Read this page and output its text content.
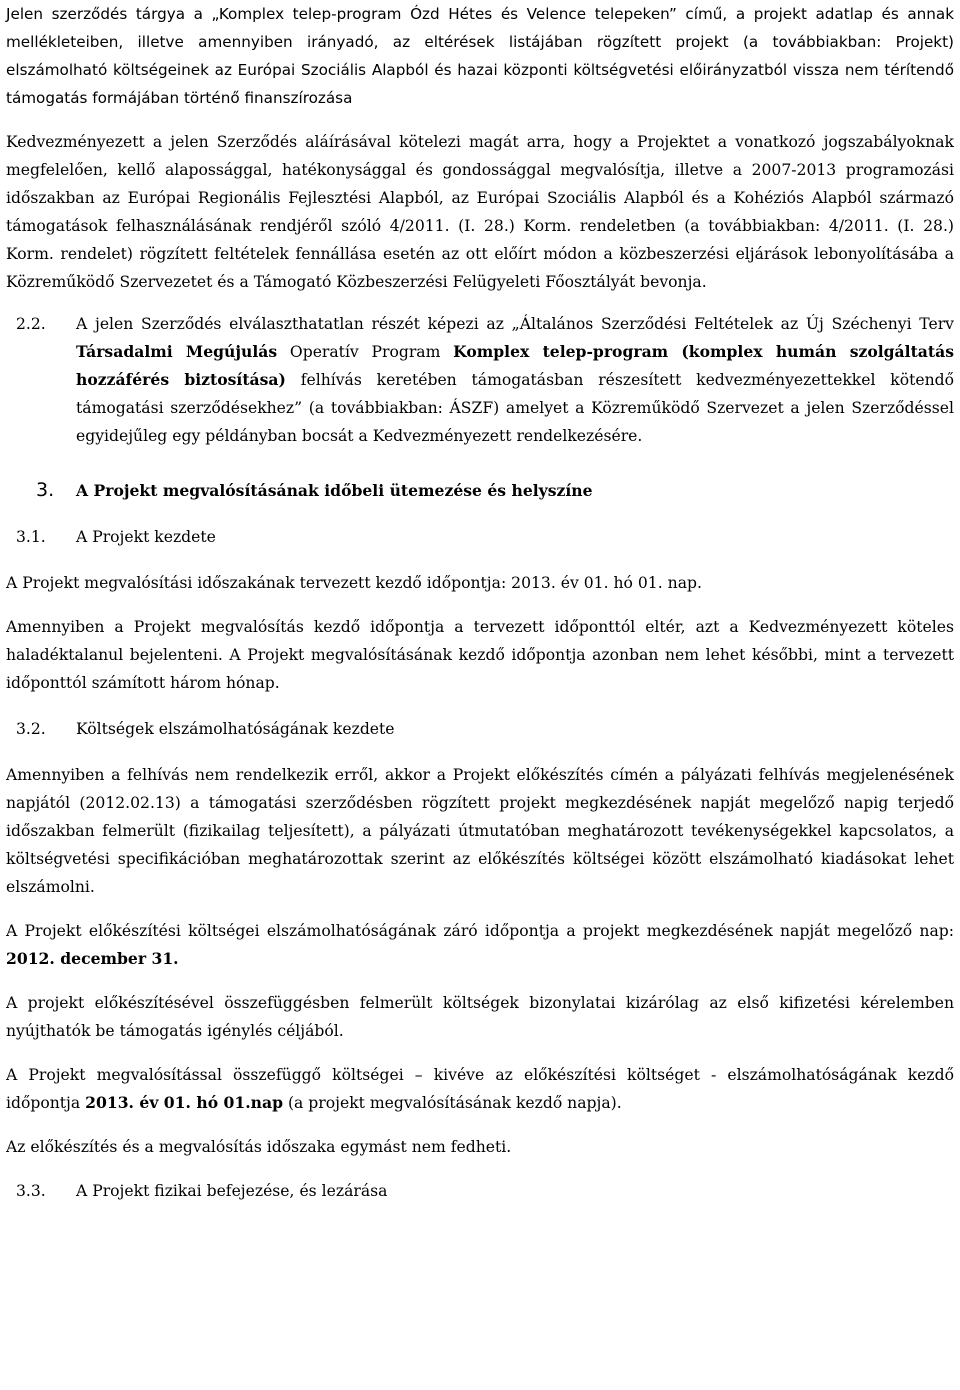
Jelen szerződés tárgya a „Komplex telep-program Ózd Hétes és Velence telepeken” című, a projekt adatlap és annak mellékleteiben, illetve amennyiben irányadó, az eltérések listájában rögzített projekt (a továbbiakban: Projekt) elszámolható költségeinek az Európai Szociális Alapból és hazai központi költségvetési előirányzatból vissza nem térítendő támogatás formájában történő finanszírozása

Kedvezményezett a jelen Szerződés aláírásával kötelezi magát arra, hogy a Projektet a vonatkozó jogszabályoknak megfelelően, kellő alapossággal, hatékonysággal és gondossággal megvalósítja, illetve a 2007-2013 programozási időszakban az Európai Regionális Fejlesztési Alapból, az Európai Szociális Alapból és a Kohéziós Alapból származó támogatások felhasználásának rendjéről szóló 4/2011. (I. 28.) Korm. rendeletben (a továbbiakban: 4/2011. (I. 28.) Korm. rendelet) rögzített feltételek fennállása esetén az ott előírt módon a közbeszerzési eljárások lebonyolításába a Közreműködő Szervezetet és a Támogató Közbeszerzési Felügyeleti Főosztályát bevonja.

2.2.	A jelen Szerződés elválaszthatatlan részét képezi az „Általános Szerződési Feltételek az Új Széchenyi Terv Társadalmi Megújulás Operatív Program Komplex telep-program (komplex humán szolgáltatás hozzáférés biztosítása) felhívás keretében támogatásban részesített kedvezményezettekkel kötendő támogatási szerződésekhez” (a továbbiakban: ÁSZF) amelyet a Közreműködő Szervezet a jelen Szerződéssel egyidejűleg egy példányban bocsát a Kedvezményezett rendelkezésére.
3.	A Projekt megvalósításának időbeli ütemezése és helyszíne
3.1.	A Projekt kezdete

A Projekt megvalósítási időszakának tervezett kezdő időpontja: 2013. év 01. hó 01. nap.

Amennyiben a Projekt megvalósítás kezdő időpontja a tervezett időponttól eltér, azt a Kedvezményezett köteles haladéktalanul bejelenteni. A Projekt megvalósításának kezdő időpontja azonban nem lehet későbbi, mint a tervezett időponttól számított három hónap.

3.2.	Költségek elszámolhatóságának kezdete

Amennyiben a felhívás nem rendelkezik erről, akkor a Projekt előkészítés címén a pályázati felhívás megjelenésének napjától (2012.02.13) a támogatási szerződésben rögzített projekt megkezdésének napját megelőző napig terjedő időszakban felmerült (fizikailag teljesített), a pályázati útmutatóban meghatározott tevékenységekkel kapcsolatos, a költségvetési specifikációban meghatározottak szerint az előkészítés költségei között elszámolható kiadásokat lehet elszámolni.

A Projekt előkészítési költségei elszámolhatóságának záró időpontja a projekt megkezdésének napját megelőző nap: 2012. december 31.

A projekt előkészítésével összefüggésben felmerült költségek bizonylatai kizárólag az első kifizetési kérelemben nyújthatók be támogatás igénylés céljából.

A Projekt megvalósítással összefüggő költségei – kivéve az előkészítési költséget - elszámolhatóságának kezdő időpontja 2013. év 01. hó 01.nap (a projekt megvalósításának kezdő napja).

Az előkészítés és a megvalósítás időszaka egymást nem fedheti.

3.3.	A Projekt fizikai befejezése, és lezárása
